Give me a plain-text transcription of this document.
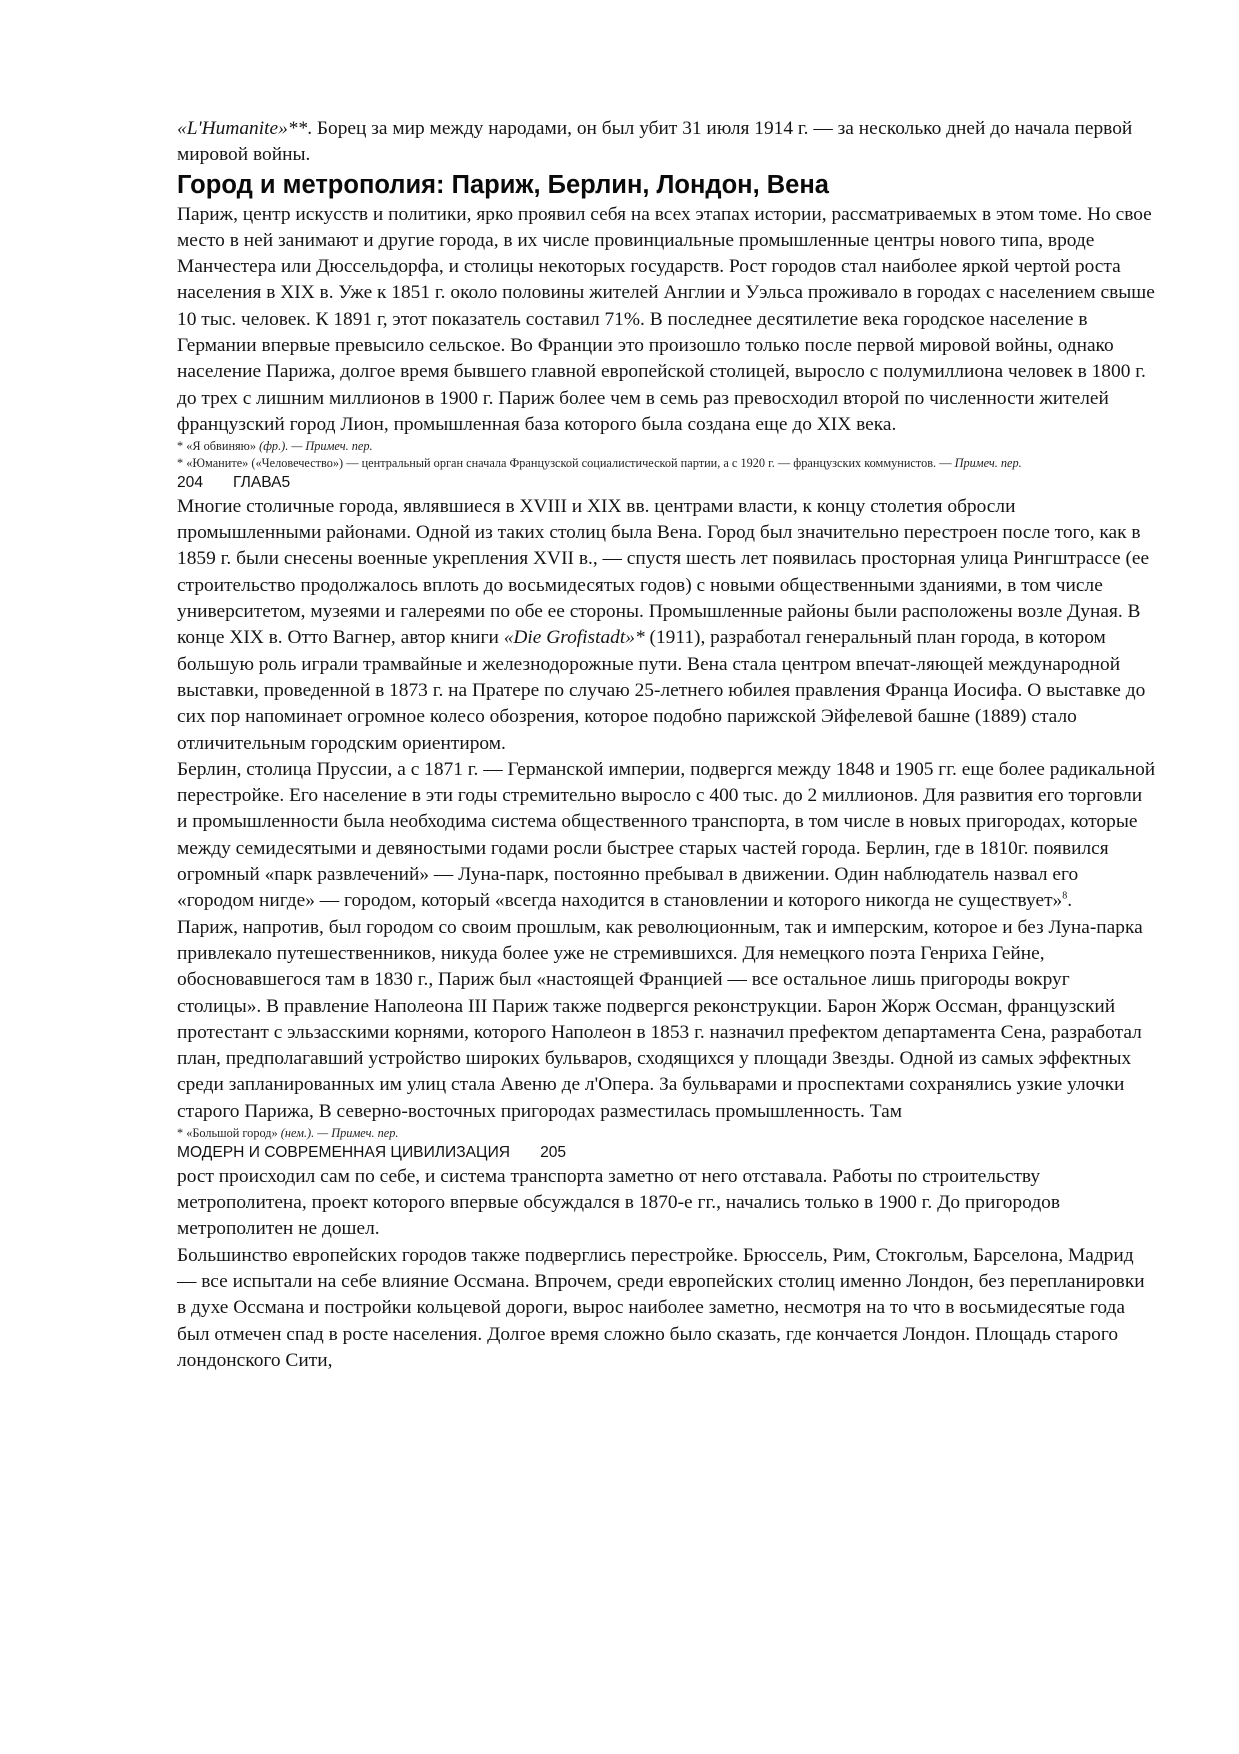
«L'Humanite»**. Борец за мир между народами, он был убит 31 июля 1914 г. — за несколько дней до начала первой мировой войны.

Город и метрополия: Париж, Берлин, Лондон, Вена

Париж, центр искусств и политики, ярко проявил себя на всех этапах истории, рассматриваемых в этом томе. Но свое место в ней занимают и другие города, в их числе провинциальные промышленные центры нового типа, вроде Манчестера или Дюссельдорфа, и столицы некоторых государств. Рост городов стал наиболее яркой чертой роста населения в XIX в. Уже к 1851 г. около половины жителей Англии и Уэльса проживало в городах с населением свыше 10 тыс. человек. К 1891 г, этот показатель составил 71%. В последнее десятилетие века городское население в Германии впервые превысило сельское. Во Франции это произошло только после первой мировой войны, однако население Парижа, долгое время бывшего главной европейской столицей, выросло с полумиллиона человек в 1800 г. до трех с лишним миллионов в 1900 г. Париж более чем в семь раз превосходил второй по численности жителей французский город Лион, промышленная база которого была создана еще до XIX века.

* «Я обвиняю» (фр.). — Примеч. пер.
* «Юманите» («Человечество») — центральный орган сначала Французской социалистической партии, а с 1920 г. — французских коммунистов. — Примеч. пер.
204 ГЛАВА5

Многие столичные города, являвшиеся в XVIII и XIX вв. центрами власти, к концу столетия обросли промышленными районами. Одной из таких столиц была Вена. Город был значительно перестроен после того, как в 1859 г. были снесены военные укрепления XVII в., — спустя шесть лет появилась просторная улица Рингштрассе (ее строительство продолжалось вплоть до восьмидесятых годов) с новыми общественными зданиями, в том числе университетом, музеями и галереями по обе ее стороны. Промышленные районы были расположены возле Дуная. В конце XIX в. Отто Вагнер, автор книги «Die Grofistadt»* (1911), разработал генеральный план города, в котором большую роль играли трамвайные и железнодорожные пути. Вена стала центром впечат-ляющей международной выставки, проведенной в 1873 г. на Пратере по случаю 25-летнего юбилея правления Франца Иосифа. О выставке до сих пор напоминает огромное колесо обозрения, которое подобно парижской Эйфелевой башне (1889) стало отличительным городским ориентиром.

Берлин, столица Пруссии, а с 1871 г. — Германской империи, подвергся между 1848 и 1905 гг. еще более радикальной перестройке. Его население в эти годы стремительно выросло с 400 тыс. до 2 миллионов. Для развития его торговли и промышленности была необходима система общественного транспорта, в том числе в новых пригородах, которые между семидесятыми и девяностыми годами росли быстрее старых частей города. Берлин, где в 1810г. появился огромный «парк развлечений» — Луна-парк, постоянно пребывал в движении. Один наблюдатель назвал его «городом нигде» — городом, который «всегда находится в становлении и которого никогда не существует»$^8$.

Париж, напротив, был городом со своим прошлым, как революционным, так и имперским, которое и без Луна-парка привлекало путешественников, никуда более уже не стремившихся. Для немецкого поэта Генриха Гейне, обосновавшегося там в 1830 г., Париж был «настоящей Францией — все остальное лишь пригороды вокруг столицы». В правление Наполеона III Париж также подвергся реконструкции. Барон Жорж Оссман, французский протестант с эльзасскими корнями, которого Наполеон в 1853 г. назначил префектом департамента Сена, разработал план, предполагавший устройство широких бульваров, сходящихся у площади Звезды. Одной из самых эффектных среди запланированных им улиц стала Авеню де л'Опера. За бульварами и проспектами сохранялись узкие улочки старого Парижа, В северно-восточных пригородах разместилась промышленность. Там

* «Большой город» (нем.). — Примеч. пер.
МОДЕРН И СОВРЕМЕННАЯ ЦИВИЛИЗАЦИЯ 205

рост происходил сам по себе, и система транспорта заметно от него отставала. Работы по строительству метрополитена, проект которого впервые обсуждался в 1870-е гг., начались только в 1900 г. До пригородов метрополитен не дошел.

Большинство европейских городов также подверглись перестройке. Брюссель, Рим, Стокгольм, Барселона, Мадрид — все испытали на себе влияние Оссмана. Впрочем, среди европейских столиц именно Лондон, без перепланировки в духе Оссмана и постройки кольцевой дороги, вырос наиболее заметно, несмотря на то что в восьмидесятые года был отмечен спад в росте населения. Долгое время сложно было сказать, где кончается Лондон. Площадь старого лондонского Сити,
